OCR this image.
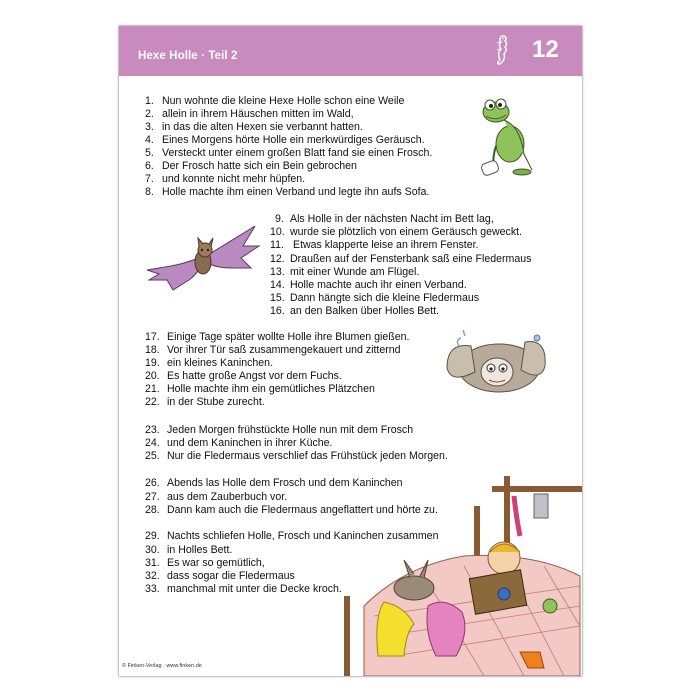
Hexe Holle · Teil 2	12
© Finken-Verlag · www.finken.de
1. Nun wohnte die kleine Hexe Holle schon eine Weile
2. allein in ihrem Häuschen mitten im Wald,
3. in das die alten Hexen sie verbannt hatten.
4. Eines Morgens hörte Holle ein merkwürdiges Geräusch.
5. Versteckt unter einem großen Blatt fand sie einen Frosch.
6. Der Frosch hatte sich ein Bein gebrochen
7. und konnte nicht mehr hüpfen.
8. Holle machte ihm einen Verband und legte ihn aufs Sofa.
9. Als Holle in der nächsten Nacht im Bett lag,
10. wurde sie plötzlich von einem Geräusch geweckt.
11. Etwas klapperte leise an ihrem Fenster.
12. Draußen auf der Fensterbank saß eine Fledermaus
13. mit einer Wunde am Flügel.
14. Holle machte auch ihr einen Verband.
15. Dann hängte sich die kleine Fledermaus
16. an den Balken über Holles Bett.
17. Einige Tage später wollte Holle ihre Blumen gießen.
18. Vor ihrer Tür saß zusammengekauert und zitternd
19. ein kleines Kaninchen.
20. Es hatte große Angst vor dem Fuchs.
21. Holle machte ihm ein gemütliches Plätzchen
22. in der Stube zurecht.
23. Jeden Morgen frühstückte Holle nun mit dem Frosch
24. und dem Kaninchen in ihrer Küche.
25. Nur die Fledermaus verschlief das Frühstück jeden Morgen.
26. Abends las Holle dem Frosch und dem Kaninchen
27. aus dem Zauberbuch vor.
28. Dann kam auch die Fledermaus angeflattert und hörte zu.
29. Nachts schliefen Holle, Frosch und Kaninchen zusammen
30. in Holles Bett.
31. Es war so gemütlich,
32. dass sogar die Fledermaus
33. manchmal mit unter die Decke kroch.
